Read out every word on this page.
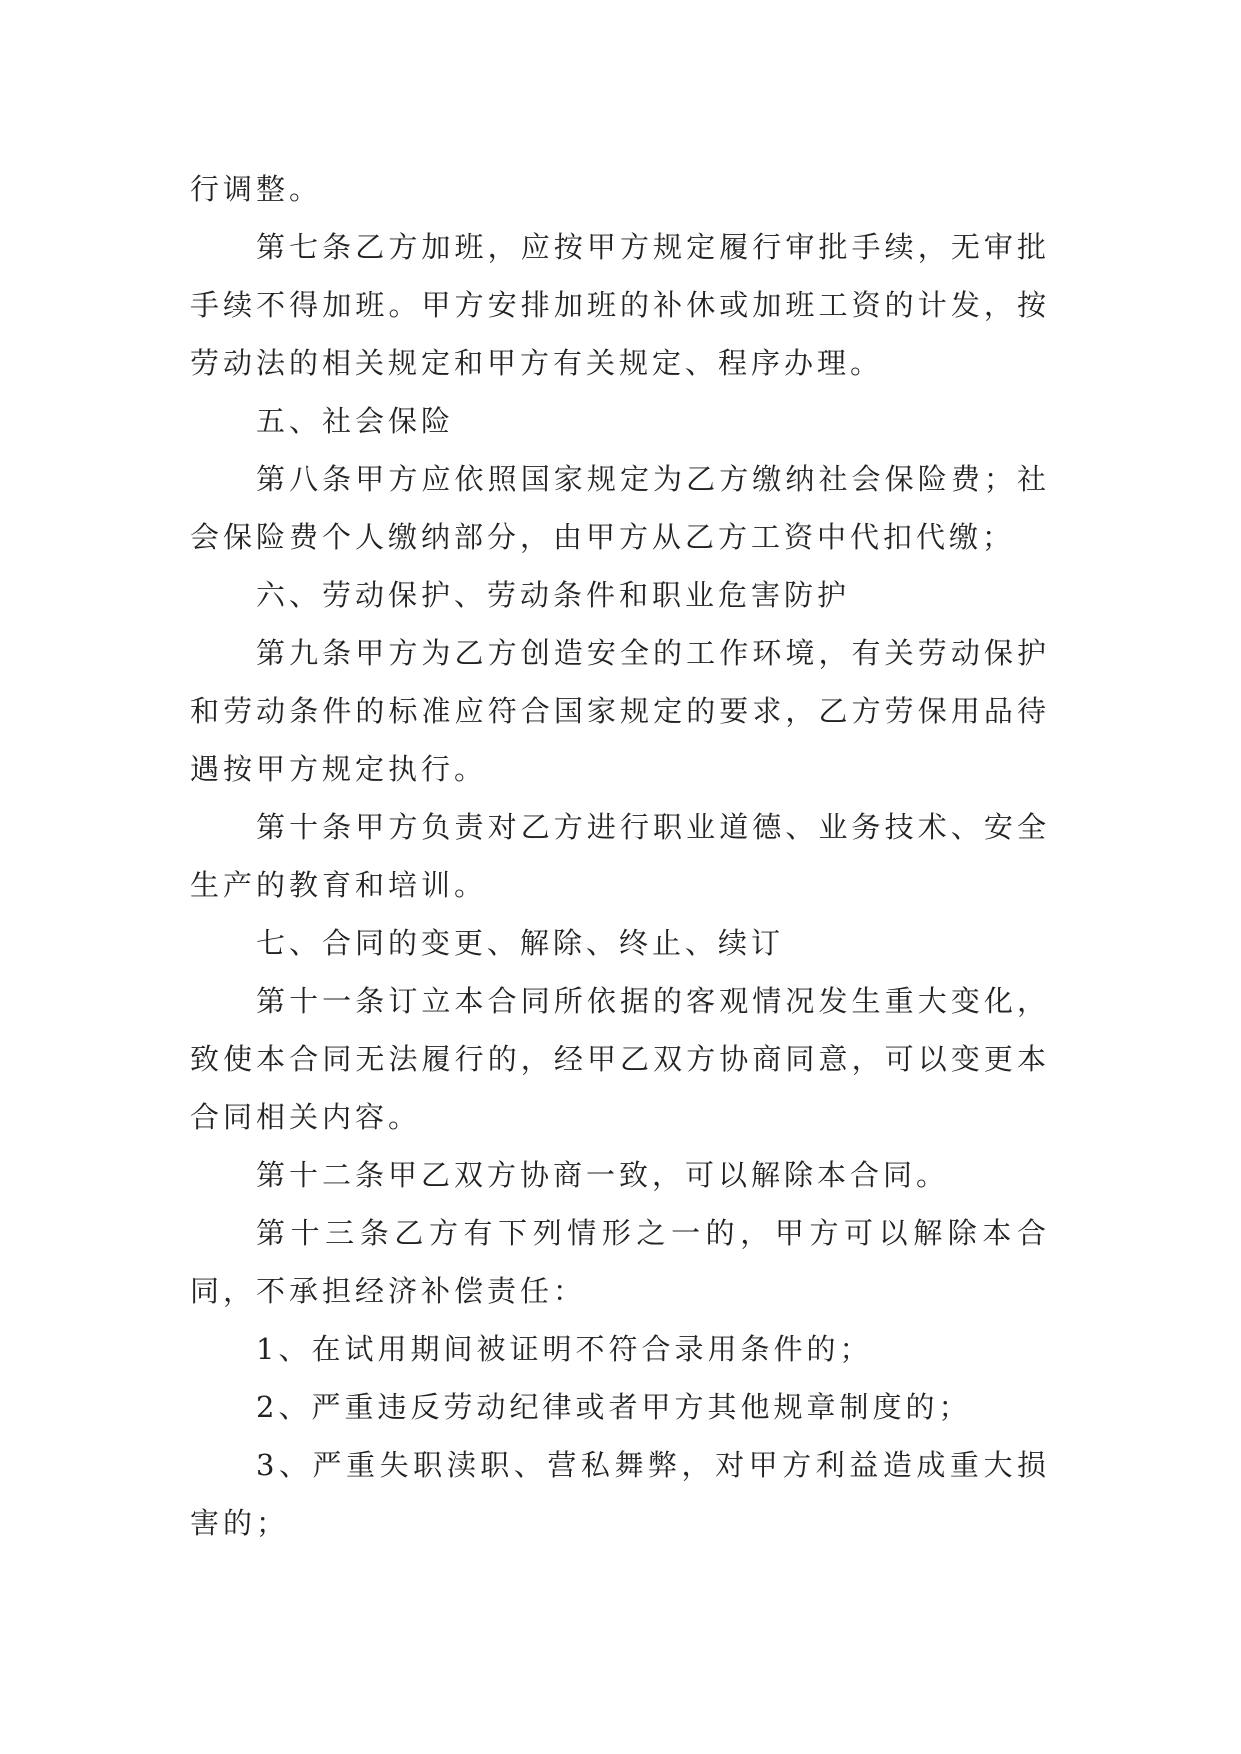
行调整。

第七条乙方加班，应按甲方规定履行审批手续，无审批手续不得加班。甲方安排加班的补休或加班工资的计发，按劳动法的相关规定和甲方有关规定、程序办理。

五、社会保险

第八条甲方应依照国家规定为乙方缴纳社会保险费；社会保险费个人缴纳部分，由甲方从乙方工资中代扣代缴；

六、劳动保护、劳动条件和职业危害防护

第九条甲方为乙方创造安全的工作环境，有关劳动保护和劳动条件的标准应符合国家规定的要求，乙方劳保用品待遇按甲方规定执行。

第十条甲方负责对乙方进行职业道德、业务技术、安全生产的教育和培训。

七、合同的变更、解除、终止、续订

第十一条订立本合同所依据的客观情况发生重大变化，致使本合同无法履行的，经甲乙双方协商同意，可以变更本合同相关内容。

第十二条甲乙双方协商一致，可以解除本合同。

第十三条乙方有下列情形之一的，甲方可以解除本合同，不承担经济补偿责任：

1、在试用期间被证明不符合录用条件的；

2、严重违反劳动纪律或者甲方其他规章制度的；

3、严重失职渎职、营私舞弊，对甲方利益造成重大损害的；
